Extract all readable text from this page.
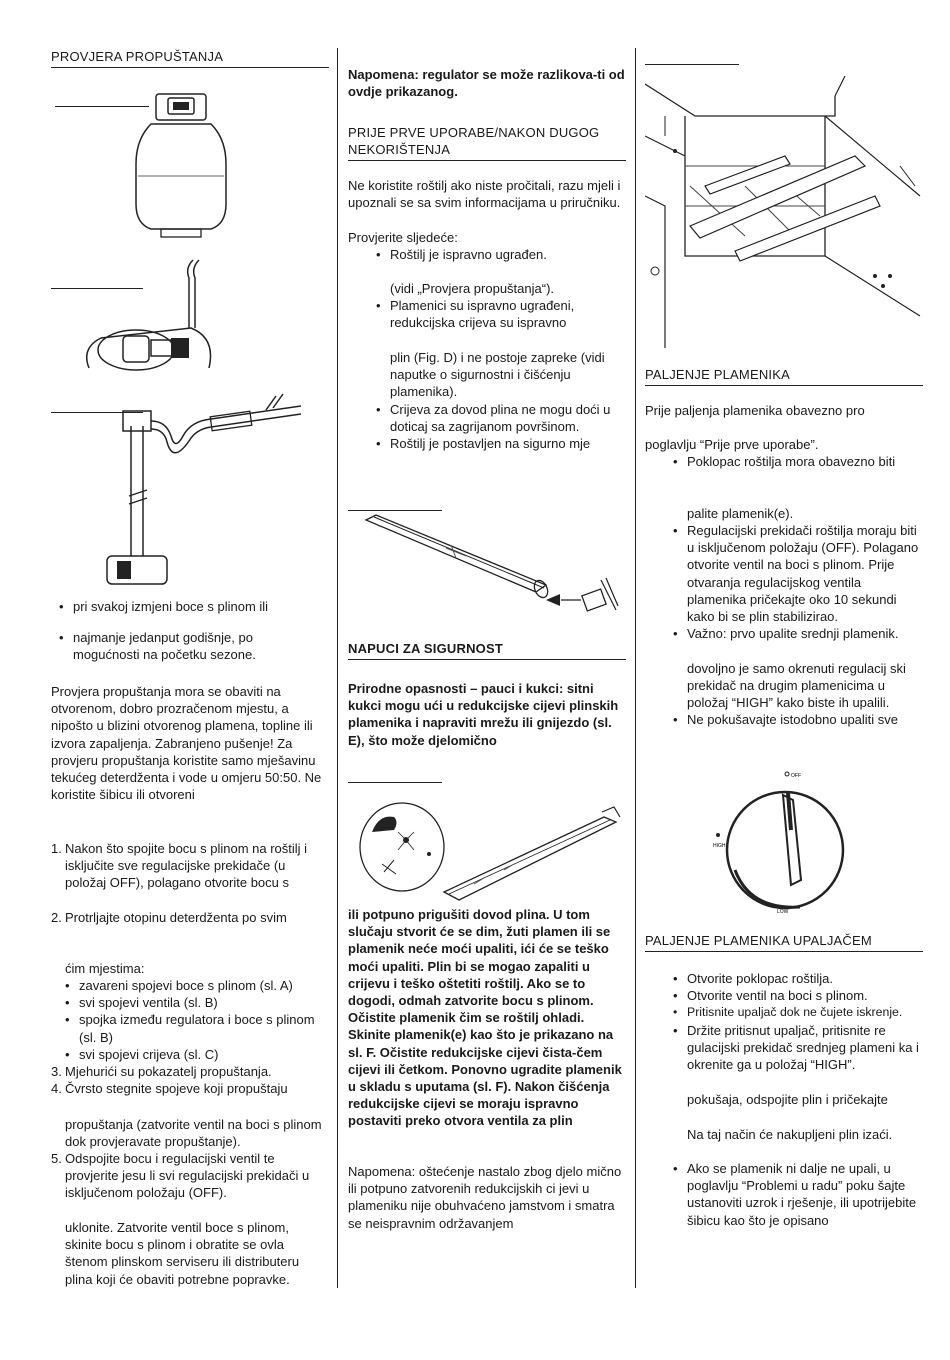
PROVJERA PROPUŠTANJA
• pri svakoj izmjeni boce s plinom ili
• najmanje jedanput godišnje, po mogućnosti na početku sezone.

Provjera propuštanja mora se obaviti na otvorenom, dobro prozračenom mjestu, a nipošto u blizini otvorenog plamena, topline ili izvora zapaljenja. Zabranjeno pušenje! Za provjeru propuštanja koristite samo mješavinu tekućeg deterdženta i vode u omjeru 50:50. Ne koristite šibicu ili otvoreni

1. Nakon što spojite bocu s plinom na roštilj i isključite sve regulacijske prekidače (u položaj OFF), polagano otvorite bocu s
2. Protrljajte otopinu deterdženta po svim

ćim mjestima:

• zavareni spojevi boce s plinom (sl. A)
• svi spojevi ventila (sl. B)
• spojka između regulatora i boce s plinom (sl. B)
• svi spojevi crijeva (sl. C)
3. Mjehurići su pokazatelj propuštanja.
4. Čvrsto stegnite spojeve koji propuštaju

propuštanja (zatvorite ventil na boci s plinom dok provjeravate propuštanje).

5. Odspojite bocu i regulacijski ventil te provjerite jesu li svi regulacijski prekidači u isključenom položaju (OFF).

uklonite. Zatvorite ventil boce s plinom, skinite bocu s plinom i obratite se ovla štenom plinskom serviseru ili distributeru plina koji će obaviti potrebne popravke.

Napomena: regulator se može razlikova-ti od ovdje prikazanog.

PRIJE PRVE UPORABE/NAKON DUGOG NEKORIŠTENJA

Ne koristite roštilj ako niste pročitali, razu mjeli i upoznali se sa svim informacijama u priručniku.

Provjerite sljedeće:

• Roštilj je ispravno ugrađen.

(vidi „Provjera propuštanja“).

• Plamenici su ispravno ugrađeni, redukcijska crijeva su ispravno

plin (Fig. D) i ne postoje zapreke (vidi naputke o sigurnostni i čišćenju plamenika).

• Crijeva za dovod plina ne mogu doći u doticaj sa zagrijanom površinom.
• Roštilj je postavljen na sigurno mje
NAPUCI ZA SIGURNOST

Prirodne opasnosti – pauci i kukci: sitni kukci mogu ući u redukcijske cijevi plinskih plamenika i napraviti mrežu ili gnijezdo (sl. E), što može djelomično

ili potpuno prigušiti dovod plina. U tom slučaju stvorit će se dim, žuti plamen ili se plamenik neće moći upaliti, ići će se teško moći upaliti. Plin bi se mogao zapaliti u crijevu i teško oštetiti roštilj. Ako se to dogodi, odmah zatvorite bocu s plinom. Očistite plamenik čim se roštilj ohladi. Skinite plamenik(e) kao što je prikazano na sl. F. Očistite redukcijske cijevi čista-čem cijevi ili četkom. Ponovno ugradite plamenik u skladu s uputama (sl. F). Nakon čišćenja redukcijske cijevi se moraju ispravno postaviti preko otvora ventila za plin

Napomena: oštećenje nastalo zbog djelo mično ili potpuno zatvorenih redukcijskih ci jevi u plameniku nije obuhvaćeno jamstvom i smatra se neispravnim održavanjem

PALJENJE PLAMENIKA

Prije paljenja plamenika obavezno pro

poglavlju “Prije prve uporabe”.

• Poklopac roštilja mora obavezno biti

palite plamenik(e).

• Regulacijski prekidači roštilja moraju biti u isključenom položaju (OFF). Polagano otvorite ventil na boci s plinom. Prije otvaranja regulacijskog ventila plamenika pričekajte oko 10 sekundi kako bi se plin stabilizirao.
• Važno: prvo upalite srednji plamenik.

dovoljno je samo okrenuti regulacij ski prekidač na drugim plamenicima u položaj “HIGH” kako biste ih upalili.

• Ne pokušavajte istodobno upaliti sve
OFF
HIGH
LOW
PALJENJE PLAMENIKA UPALJAČEM
• Otvorite poklopac roštilja.
• Otvorite ventil na boci s plinom.
• Pritisnite upaljač dok ne čujete iskrenje.
• Držite pritisnut upaljač, pritisnite re gulacijski prekidač srednjeg plameni ka i okrenite ga u položaj “HIGH”.

pokušaja, odspojite plin i pričekajte

Na taj način će nakupljeni plin izaći.

• Ako se plamenik ni dalje ne upali, u poglavlju “Problemi u radu” poku šajte ustanoviti uzrok i rješenje, ili upotrijebite šibicu kao što je opisano
